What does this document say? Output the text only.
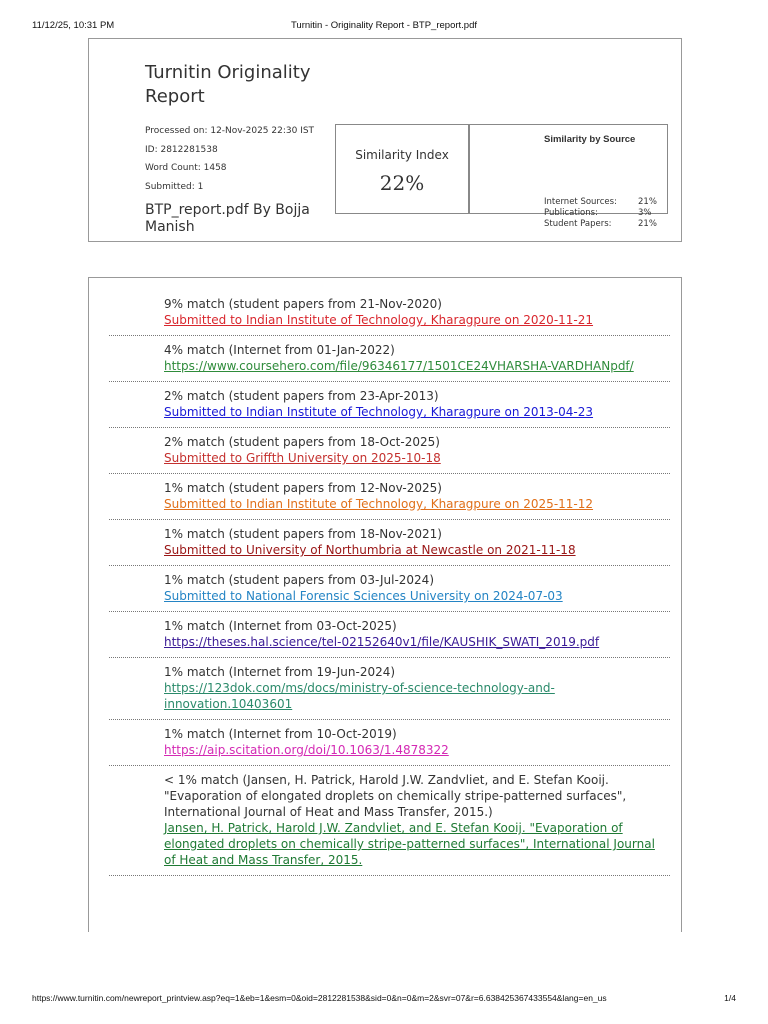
11/12/25, 10:31 PM	Turnitin - Originality Report - BTP_report.pdf
Turnitin Originality Report
Processed on: 12-Nov-2025 22:30 IST
ID: 2812281538
Word Count: 1458
Submitted: 1
BTP_report.pdf By Bojja Manish
Similarity Index
22%
Similarity by Source
Internet Sources: 21%
Publications:	3%
Student Papers:	21%
9% match (student papers from 21-Nov-2020)
Submitted to Indian Institute of Technology, Kharagpure on 2020-11-21
4% match (Internet from 01-Jan-2022)
https://www.coursehero.com/file/96346177/1501CE24VHARSHA-VARDHANpdf/
2% match (student papers from 23-Apr-2013)
Submitted to Indian Institute of Technology, Kharagpure on 2013-04-23
2% match (student papers from 18-Oct-2025)
Submitted to Griffth University on 2025-10-18
1% match (student papers from 12-Nov-2025)
Submitted to Indian Institute of Technology, Kharagpure on 2025-11-12
1% match (student papers from 18-Nov-2021)
Submitted to University of Northumbria at Newcastle on 2021-11-18
1% match (student papers from 03-Jul-2024)
Submitted to National Forensic Sciences University on 2024-07-03
1% match (Internet from 03-Oct-2025)
https://theses.hal.science/tel-02152640v1/file/KAUSHIK_SWATI_2019.pdf
1% match (Internet from 19-Jun-2024)
https://123dok.com/ms/docs/ministry-of-science-technology-and-innovation.10403601
1% match (Internet from 10-Oct-2019)
https://aip.scitation.org/doi/10.1063/1.4878322
< 1% match (Jansen, H. Patrick, Harold J.W. Zandvliet, and E. Stefan Kooij. "Evaporation of elongated droplets on chemically stripe-patterned surfaces", International Journal of Heat and Mass Transfer, 2015.)
Jansen, H. Patrick, Harold J.W. Zandvliet, and E. Stefan Kooij. "Evaporation of elongated droplets on chemically stripe-patterned surfaces", International Journal of Heat and Mass Transfer, 2015.
https://www.turnitin.com/newreport_printview.asp?eq=1&eb=1&esm=0&oid=2812281538&sid=0&n=0&m=2&svr=07&r=6.638425367433554&lang=en_us	1/4
